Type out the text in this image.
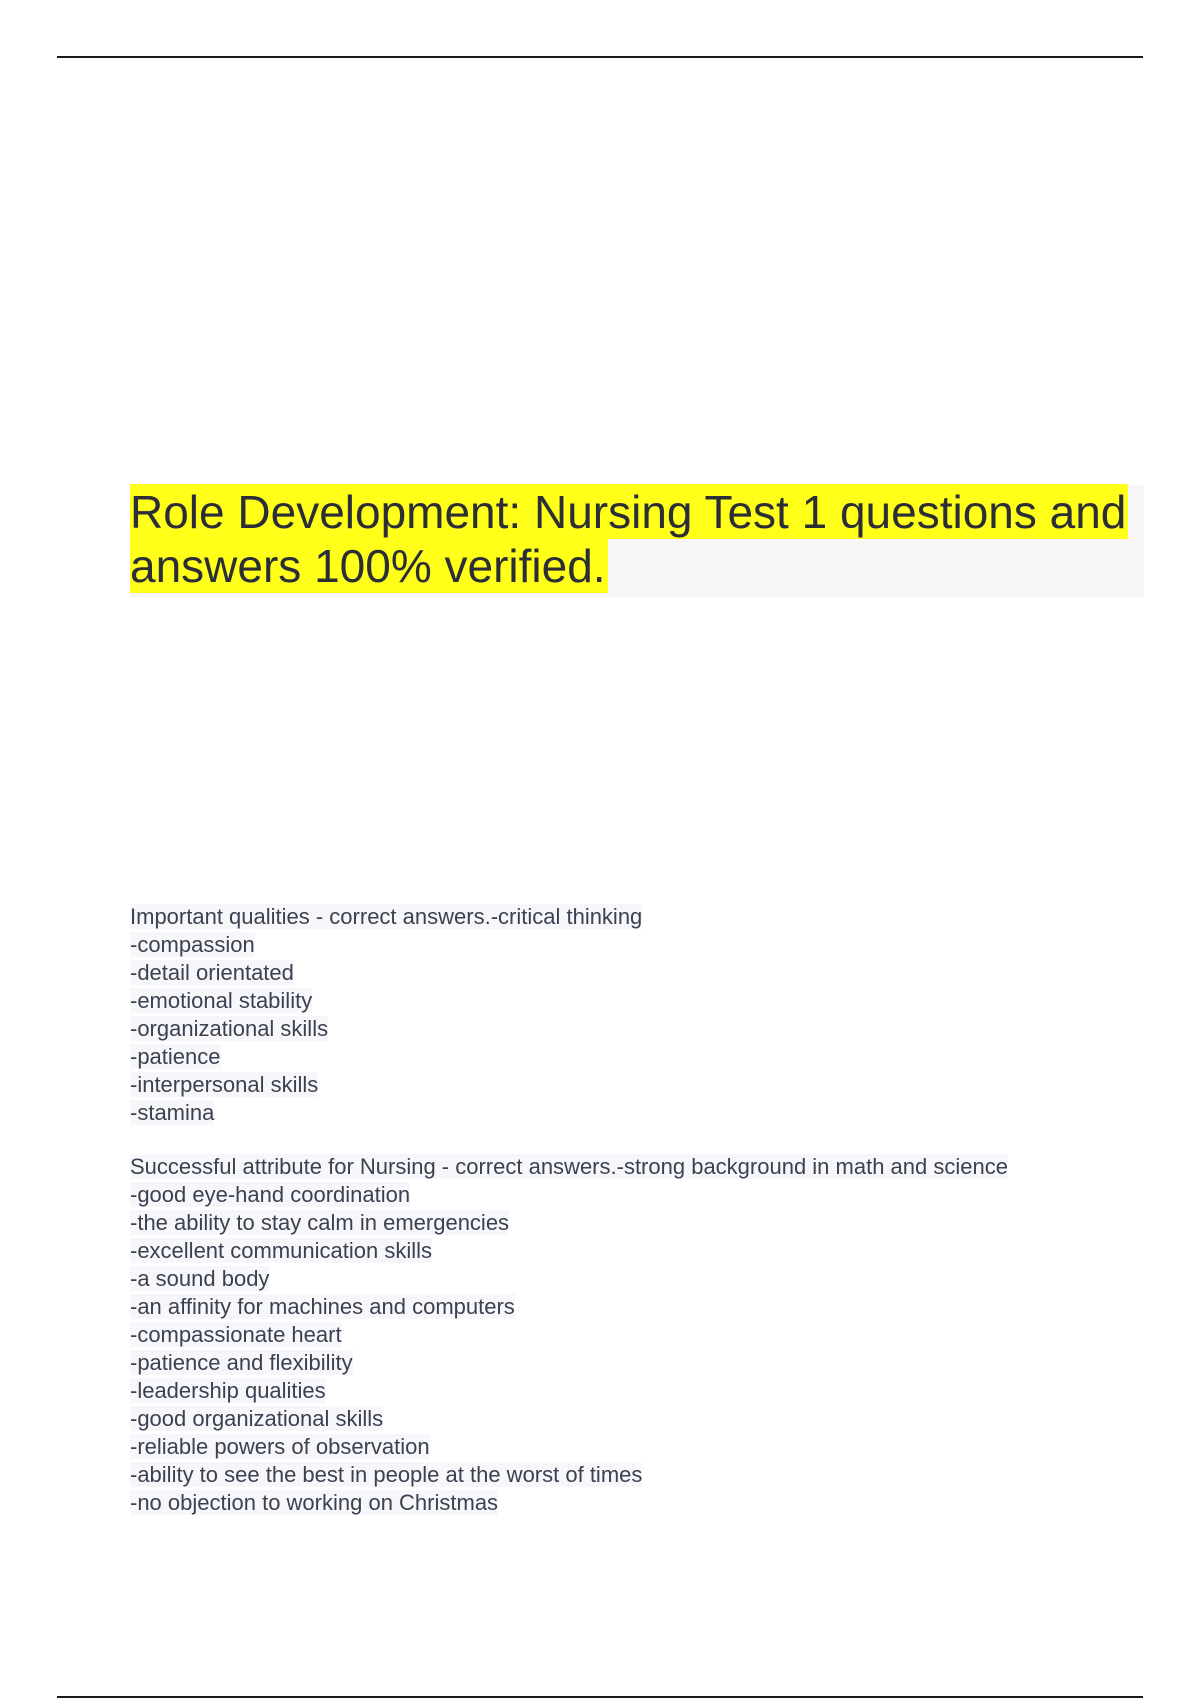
Role Development: Nursing Test 1 questions and answers 100% verified.
Important qualities - correct answers.-critical thinking
-compassion
-detail orientated
-emotional stability
-organizational skills
-patience
-interpersonal skills
-stamina
Successful attribute for Nursing - correct answers.-strong background in math and science
-good eye-hand coordination
-the ability to stay calm in emergencies
-excellent communication skills
-a sound body
-an affinity for machines and computers
-compassionate heart
-patience and flexibility
-leadership qualities
-good organizational skills
-reliable powers of observation
-ability to see the best in people at the worst of times
-no objection to working on Christmas
